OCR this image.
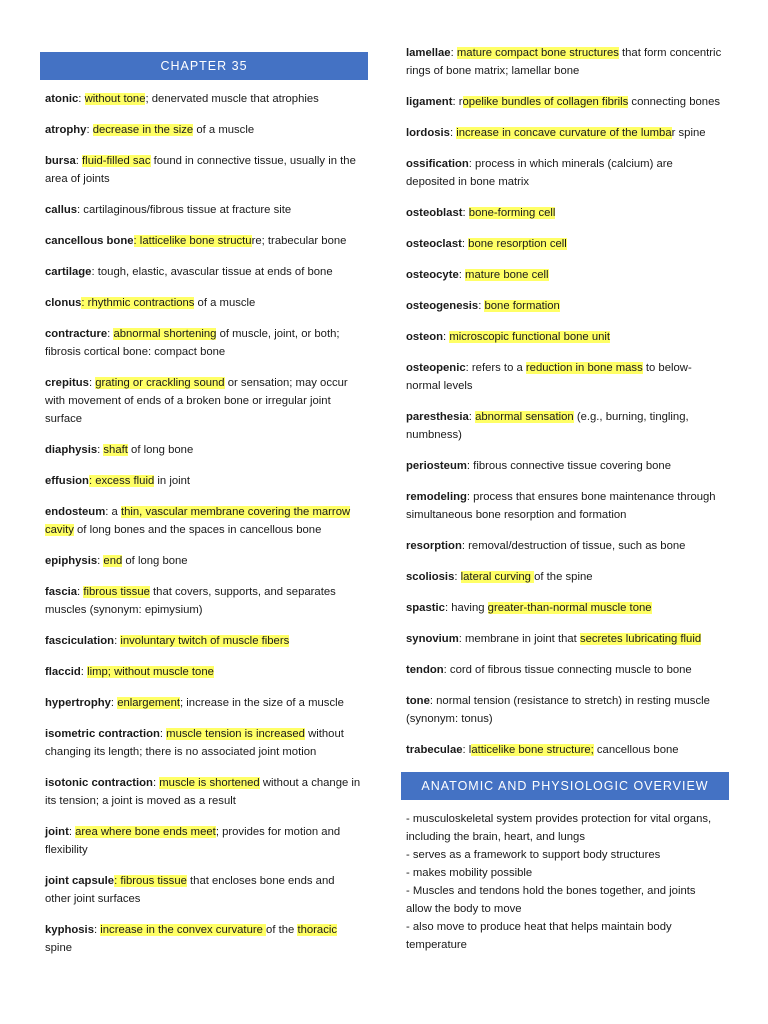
CHAPTER 35
atonic: without tone; denervated muscle that atrophies
atrophy: decrease in the size of a muscle
bursa: fluid-filled sac found in connective tissue, usually in the area of joints
callus: cartilaginous/fibrous tissue at fracture site
cancellous bone: latticelike bone structure; trabecular bone
cartilage: tough, elastic, avascular tissue at ends of bone
clonus: rhythmic contractions of a muscle
contracture: abnormal shortening of muscle, joint, or both; fibrosis cortical bone: compact bone
crepitus: grating or crackling sound or sensation; may occur with movement of ends of a broken bone or irregular joint surface
diaphysis: shaft of long bone
effusion: excess fluid in joint
endosteum: a thin, vascular membrane covering the marrow cavity of long bones and the spaces in cancellous bone
epiphysis: end of long bone
fascia: fibrous tissue that covers, supports, and separates muscles (synonym: epimysium)
fasciculation: involuntary twitch of muscle fibers
flaccid: limp; without muscle tone
hypertrophy: enlargement; increase in the size of a muscle
isometric contraction: muscle tension is increased without changing its length; there is no associated joint motion
isotonic contraction: muscle is shortened without a change in its tension; a joint is moved as a result
joint: area where bone ends meet; provides for motion and flexibility
joint capsule: fibrous tissue that encloses bone ends and other joint surfaces
kyphosis: increase in the convex curvature of the thoracic spine
lamellae: mature compact bone structures that form concentric rings of bone matrix; lamellar bone
ligament: ropelike bundles of collagen fibrils connecting bones
lordosis: increase in concave curvature of the lumbar spine
ossification: process in which minerals (calcium) are deposited in bone matrix
osteoblast: bone-forming cell
osteoclast: bone resorption cell
osteocyte: mature bone cell
osteogenesis: bone formation
osteon: microscopic functional bone unit
osteopenic: refers to a reduction in bone mass to below-normal levels
paresthesia: abnormal sensation (e.g., burning, tingling, numbness)
periosteum: fibrous connective tissue covering bone
remodeling: process that ensures bone maintenance through simultaneous bone resorption and formation
resorption: removal/destruction of tissue, such as bone
scoliosis: lateral curving of the spine
spastic: having greater-than-normal muscle tone
synovium: membrane in joint that secretes lubricating fluid
tendon: cord of fibrous tissue connecting muscle to bone
tone: normal tension (resistance to stretch) in resting muscle (synonym: tonus)
trabeculae: latticelike bone structure; cancellous bone
ANATOMIC AND PHYSIOLOGIC OVERVIEW
- musculoskeletal system provides protection for vital organs, including the brain, heart, and lungs
- serves as a framework to support body structures
- makes mobility possible
- Muscles and tendons hold the bones together, and joints allow the body to move
- also move to produce heat that helps maintain body temperature
